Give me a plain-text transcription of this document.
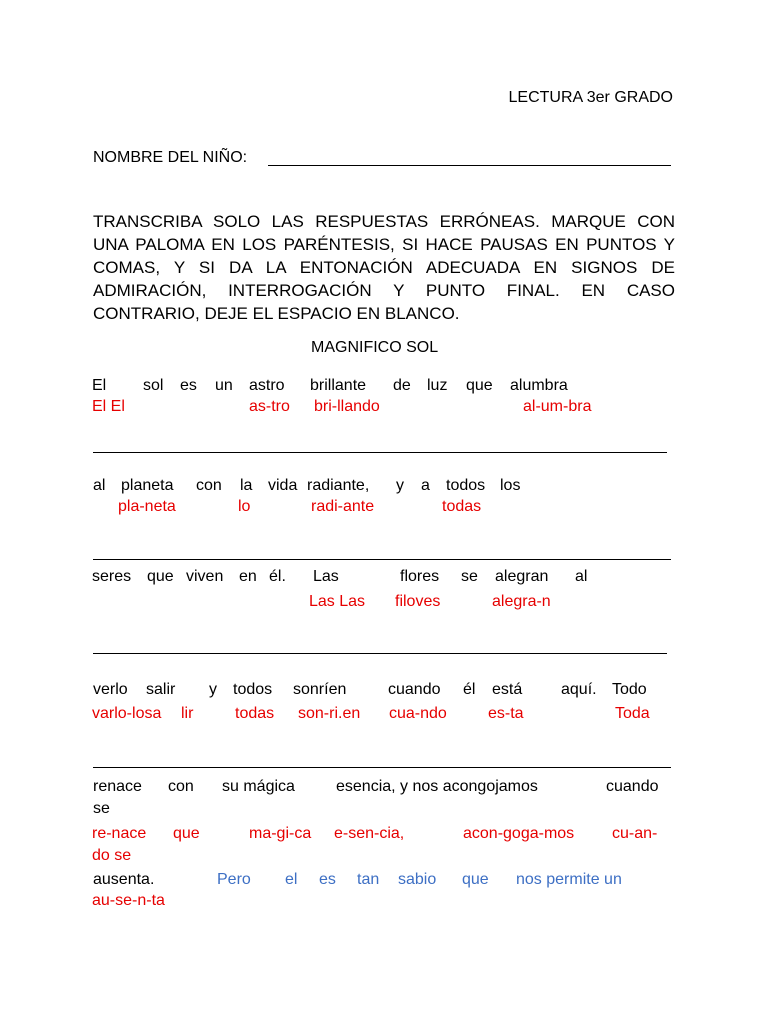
LECTURA 3er GRADO
NOMBRE DEL NIÑO:
TRANSCRIBA SOLO LAS RESPUESTAS ERRÓNEAS. MARQUE CON UNA PALOMA EN LOS PARÉNTESIS, SI HACE PAUSAS EN PUNTOS Y COMAS, Y SI DA LA ENTONACIÓN ADECUADA EN SIGNOS DE ADMIRACIÓN, INTERROGACIÓN Y PUNTO FINAL. EN CASO CONTRARIO, DEJE EL ESPACIO EN BLANCO.
MAGNIFICO SOL
El sol es un astro brillante de luz que alumbra
El El	as-tro bri-llando	al-um-bra
al planeta con la vida radiante, y a todos los
pla-neta	lo	radi-ante	todas
seres que viven en él. Las	flores se alegran al
Las Las filoves	alegra-n
verlo salir y todos sonríen	cuando él está aquí. Todo
varlo-losa lir	todas son-ri.en cua-ndo	es-ta	Toda
renace con su mágica	esencia, y nos acongojamos	cuando
se
re-nace que	ma-gi-ca e-sen-cia,	acon-goga-mos cu-an-
do se
ausenta.	Pero el es tan sabio que nos permite un
au-se-n-ta
